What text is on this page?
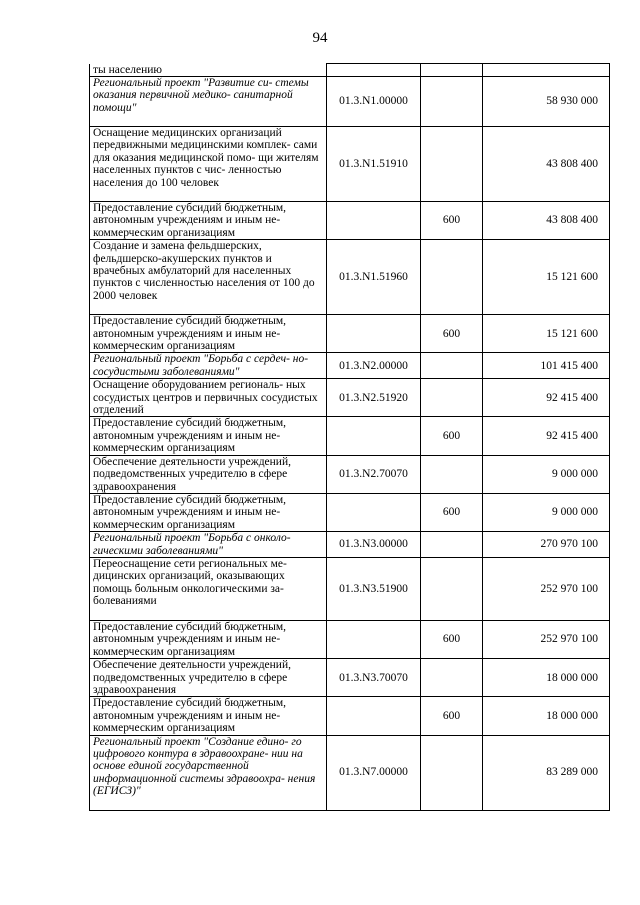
94
ты населению			
Региональный проект "Развитие си- стемы оказания первичной медико- санитарной помощи"	01.3.N1.00000		58 930 000
Оснащение медицинских организаций передвижными медицинскими комплек- сами для оказания медицинской помо- щи жителям населенных пунктов с чис- ленностью населения до 100 человек	01.3.N1.51910		43 808 400
Предоставление субсидий бюджетным, автономным учреждениям и иным не- коммерческим организациям		600	43 808 400
Создание и замена фельдшерских, фельдшерско-акушерских пунктов и врачебных амбулаторий для населенных пунктов с численностью населения от 100 до 2000 человек	01.3.N1.51960		15 121 600
Предоставление субсидий бюджетным, автономным учреждениям и иным не- коммерческим организациям		600	15 121 600
Региональный проект "Борьба с сердеч- но-сосудистыми заболеваниями"	01.3.N2.00000		101 415 400
Оснащение оборудованием региональ- ных сосудистых центров и первичных сосудистых отделений	01.3.N2.51920		92 415 400
Предоставление субсидий бюджетным, автономным учреждениям и иным не- коммерческим организациям		600	92 415 400
Обеспечение деятельности учреждений, подведомственных учредителю в сфере здравоохранения	01.3.N2.70070		9 000 000
Предоставление субсидий бюджетным, автономным учреждениям и иным не- коммерческим организациям		600	9 000 000
Региональный проект "Борьба с онколо- гическими заболеваниями"	01.3.N3.00000		270 970 100
Переоснащение сети региональных ме- дицинских организаций, оказывающих помощь больным онкологическими за- болеваниями	01.3.N3.51900		252 970 100
Предоставление субсидий бюджетным, автономным учреждениям и иным не- коммерческим организациям		600	252 970 100
Обеспечение деятельности учреждений, подведомственных учредителю в сфере здравоохранения	01.3.N3.70070		18 000 000
Предоставление субсидий бюджетным, автономным учреждениям и иным не- коммерческим организациям		600	18 000 000
Региональный проект "Создание едино- го цифрового контура в здравоохране- нии на основе единой государственной информационной системы здравоохра- нения (ЕГИСЗ)"	01.3.N7.00000		83 289 000
